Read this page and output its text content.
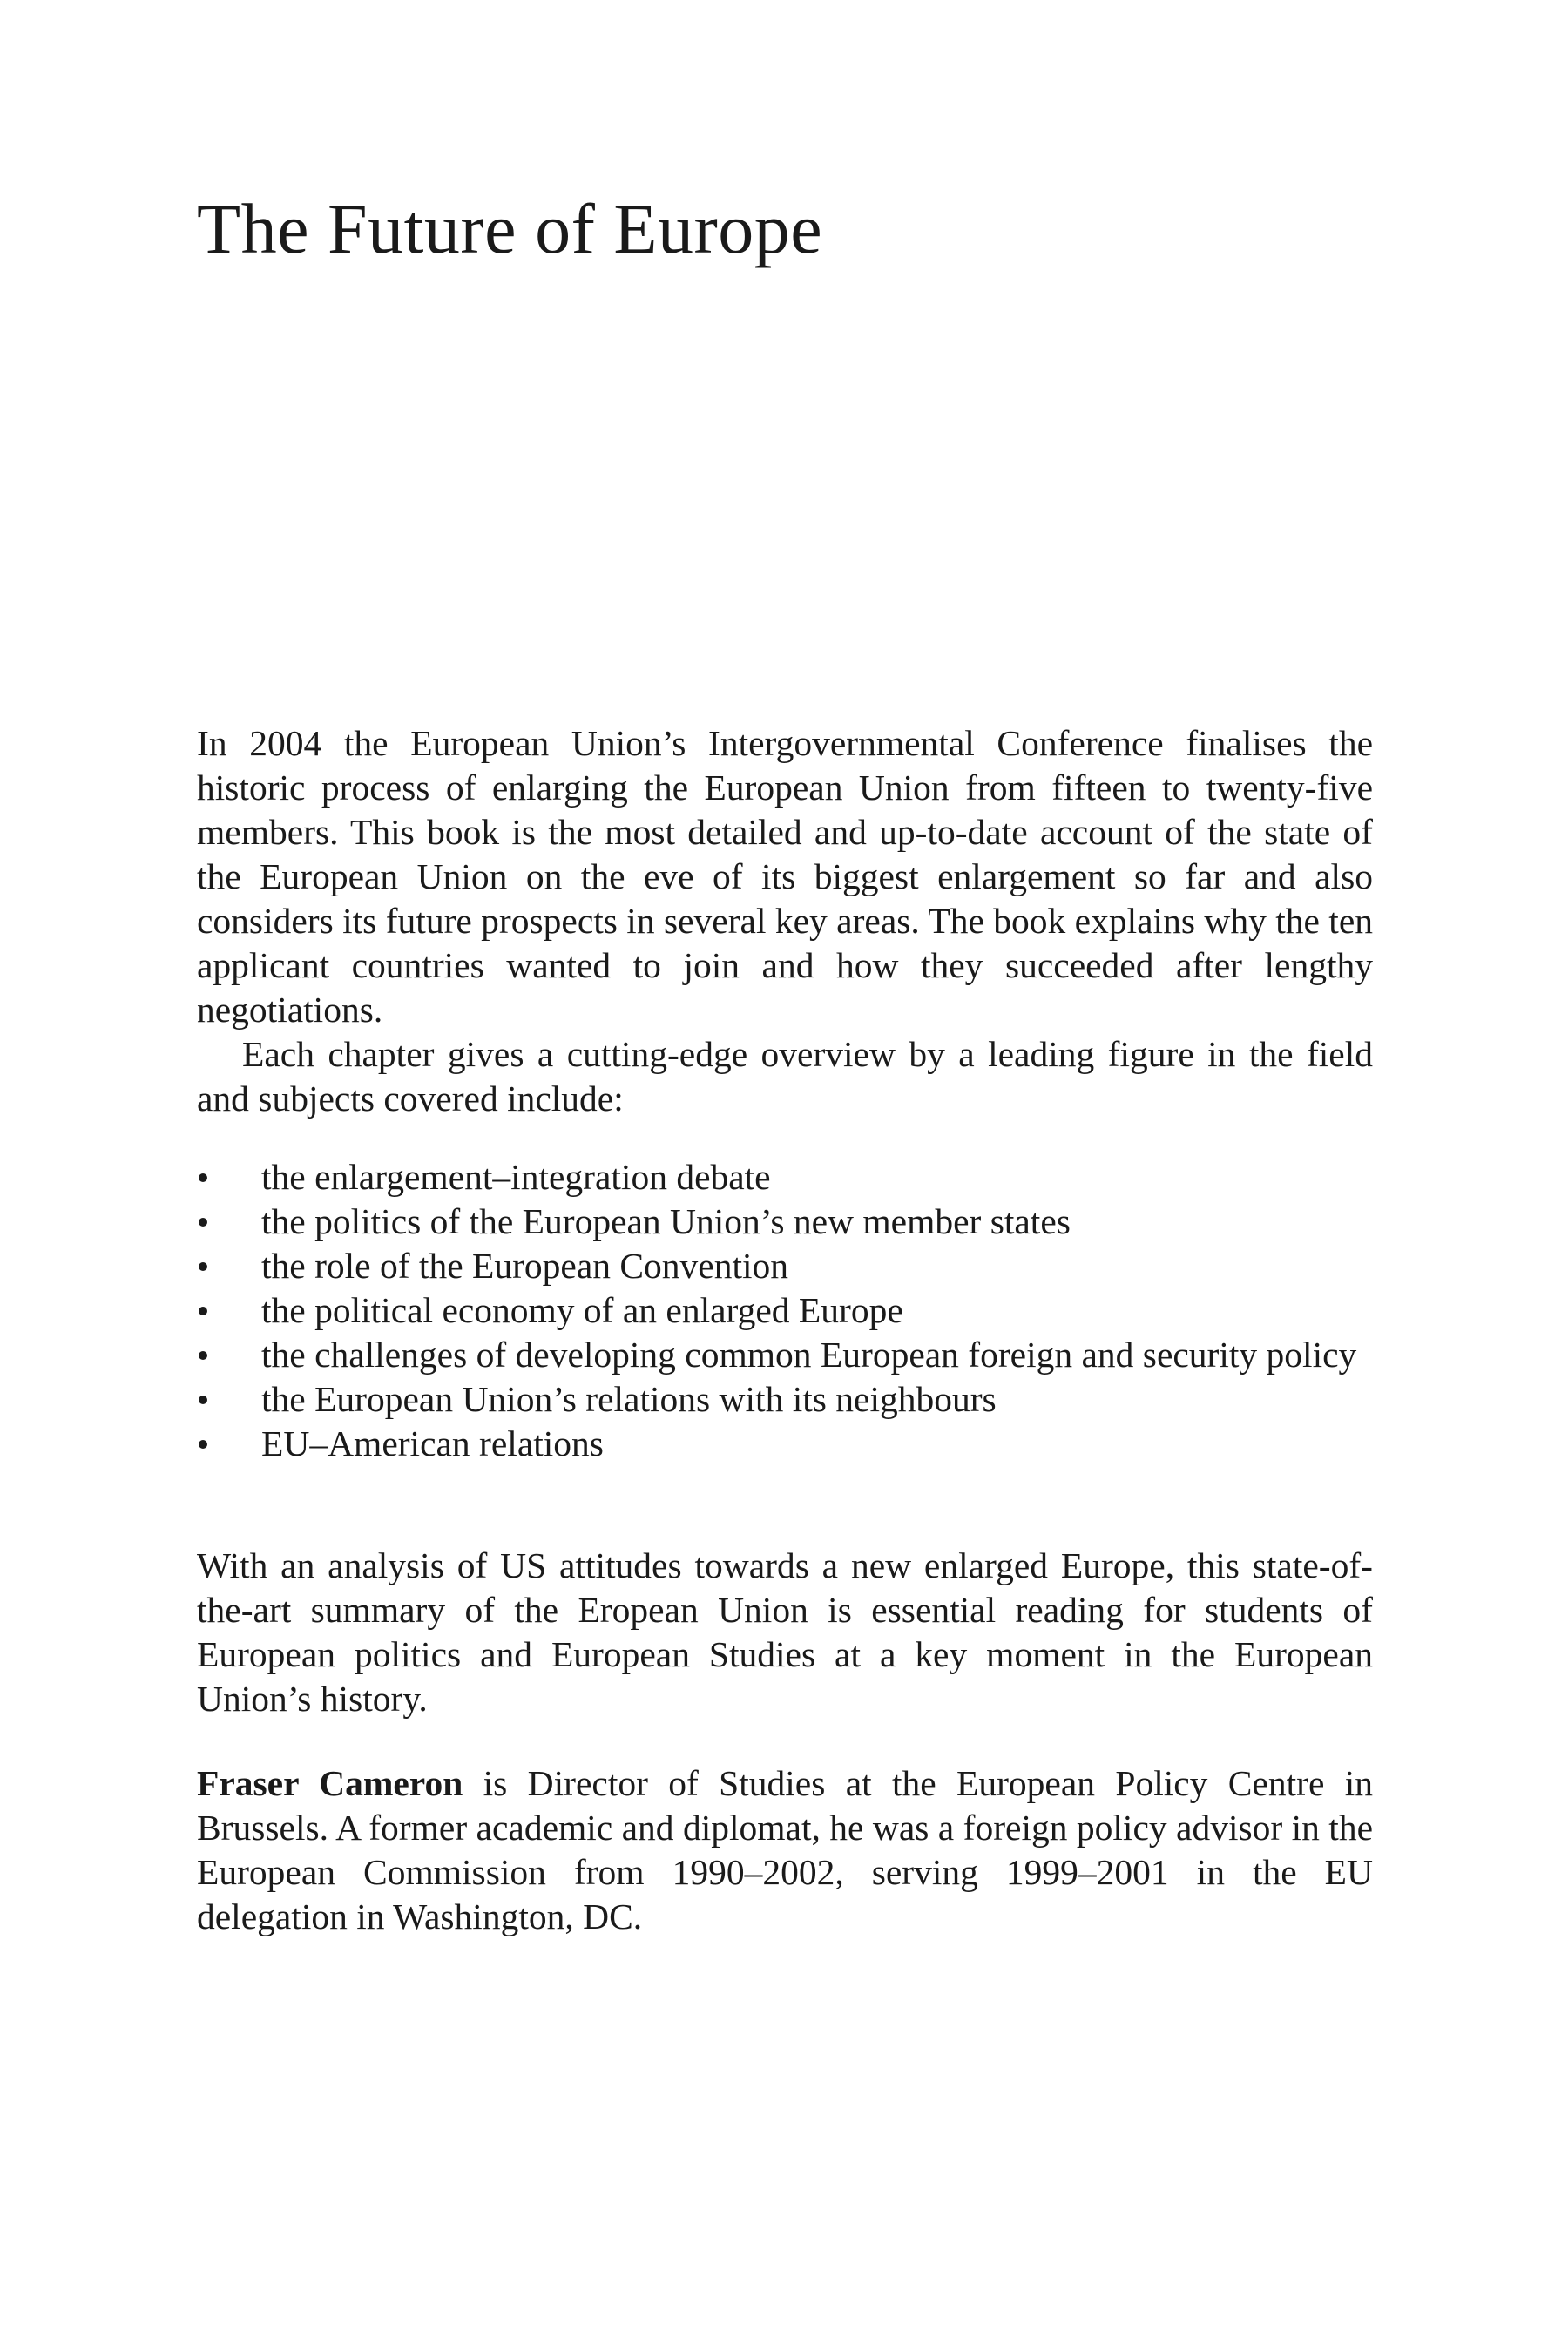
The Future of Europe

In 2004 the European Union’s Intergovernmental Conference finalises the historic process of enlarging the European Union from fifteen to twenty-five members. This book is the most detailed and up-to-date account of the state of the European Union on the eve of its biggest enlargement so far and also considers its future prospects in several key areas. The book explains why the ten applicant countries wanted to join and how they succeeded after lengthy negotiations.

Each chapter gives a cutting-edge overview by a leading figure in the field and subjects covered include:

the enlargement–integration debate
the politics of the European Union’s new member states
the role of the European Convention
the political economy of an enlarged Europe
the challenges of developing common European foreign and security policy
the European Union’s relations with its neighbours
EU–American relations

With an analysis of US attitudes towards a new enlarged Europe, this state-of-the-art summary of the Eropean Union is essential reading for students of European politics and European Studies at a key moment in the European Union’s history.

Fraser Cameron is Director of Studies at the European Policy Centre in Brussels. A former academic and diplomat, he was a foreign policy advisor in the European Commission from 1990–2002, serving 1999–2001 in the EU delegation in Washington, DC.
